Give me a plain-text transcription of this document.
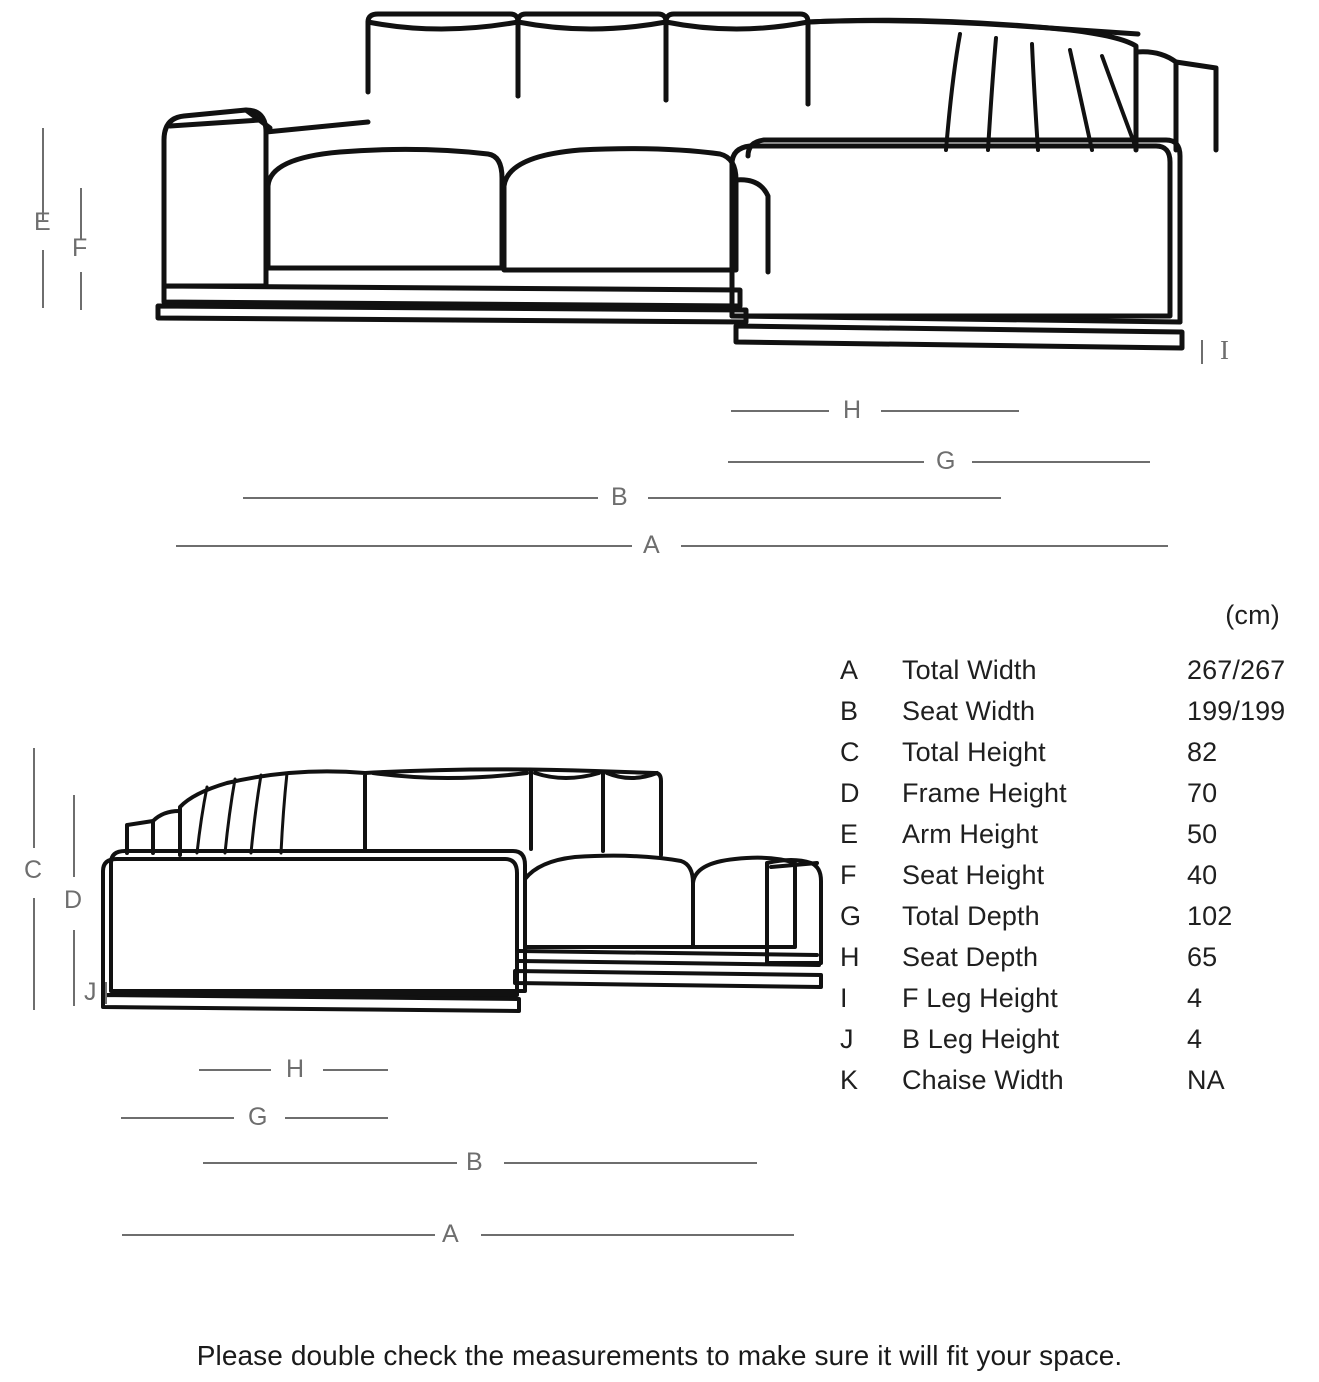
E
F
I
H
G
B
A
(cm)
A	Total Width	267/267
B	Seat Width	199/199
C	Total Height	82
D	Frame Height	70
E	Arm Height	50
F	Seat Height	40
G	Total Depth	102
H	Seat Depth	65
I	F Leg Height	4
J	B Leg Height	4
K	Chaise Width	NA
C
D
J
H
G
B
A
Please double check the measurements to make sure it will fit your space.
